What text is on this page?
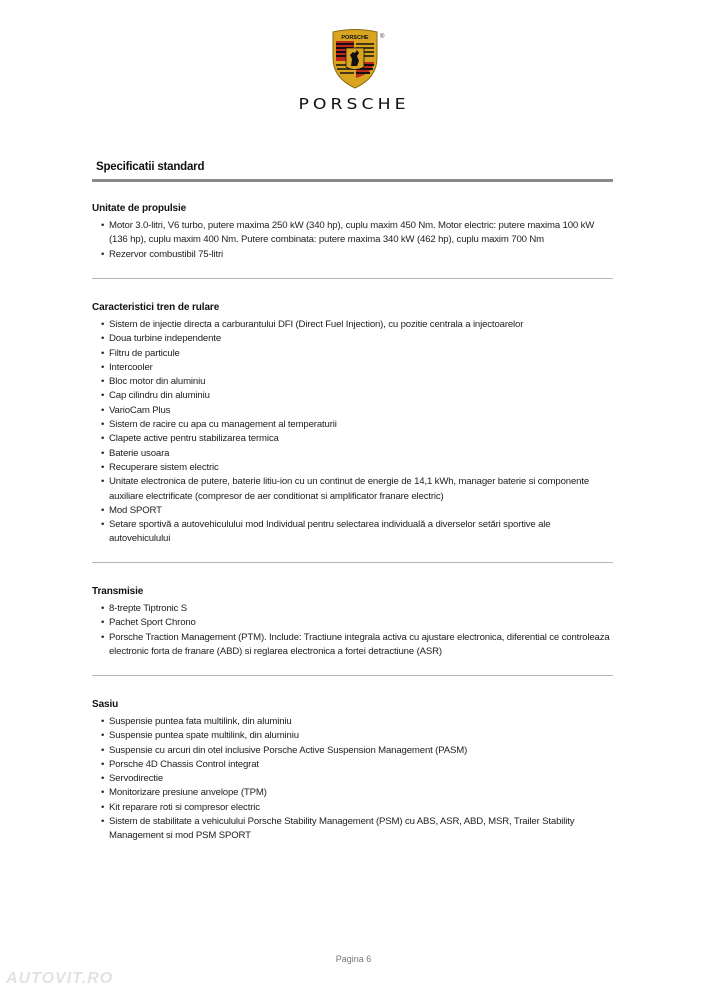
PORSCHE ®
PORSCHE
Specificatii standard
Unitate de propulsie
• Motor 3.0-litri, V6 turbo, putere maxima 250 kW (340 hp), cuplu maxim 450 Nm. Motor electric: putere maxima 100 kW (136 hp), cuplu maxim 400 Nm. Putere combinata: putere maxima 340 kW (462 hp), cuplu maxim 700 Nm
• Rezervor combustibil 75-litri
Caracteristici tren de rulare
• Sistem de injectie directa a carburantului DFI (Direct Fuel Injection), cu pozitie centrala a injectoarelor
• Doua turbine independente
• Filtru de particule
• Intercooler
• Bloc motor din aluminiu
• Cap cilindru din aluminiu
• VarioCam Plus
• Sistem de racire cu apa cu management al temperaturii
• Clapete active pentru stabilizarea termica
• Baterie usoara
• Recuperare sistem electric
• Unitate electronica de putere, baterie litiu-ion cu un continut de energie de 14,1 kWh, manager baterie si componente auxiliare electrificate (compresor de aer conditionat si amplificator franare electric)
• Mod SPORT
• Setare sportivă a autovehiculului mod Individual pentru selectarea individuală a diverselor setări sportive ale autovehiculului
Transmisie
• 8-trepte Tiptronic S
• Pachet Sport Chrono
• Porsche Traction Management (PTM). Include: Tractiune integrala activa cu ajustare electronica, diferential ce controleaza electronic forta de franare (ABD) si reglarea electronica a fortei detractiune (ASR)
Sasiu
• Suspensie puntea fata multilink, din aluminiu
• Suspensie puntea spate multilink, din aluminiu
• Suspensie cu arcuri din otel inclusive Porsche Active Suspension Management (PASM)
• Porsche 4D Chassis Control integrat
• Servodirectie
• Monitorizare presiune anvelope (TPM)
• Kit reparare roti si compresor electric
• Sistem de stabilitate a vehiculului Porsche Stability Management (PSM) cu ABS, ASR, ABD, MSR, Trailer Stability Management si mod PSM SPORT
Pagina 6
AUTOVIT.RO
